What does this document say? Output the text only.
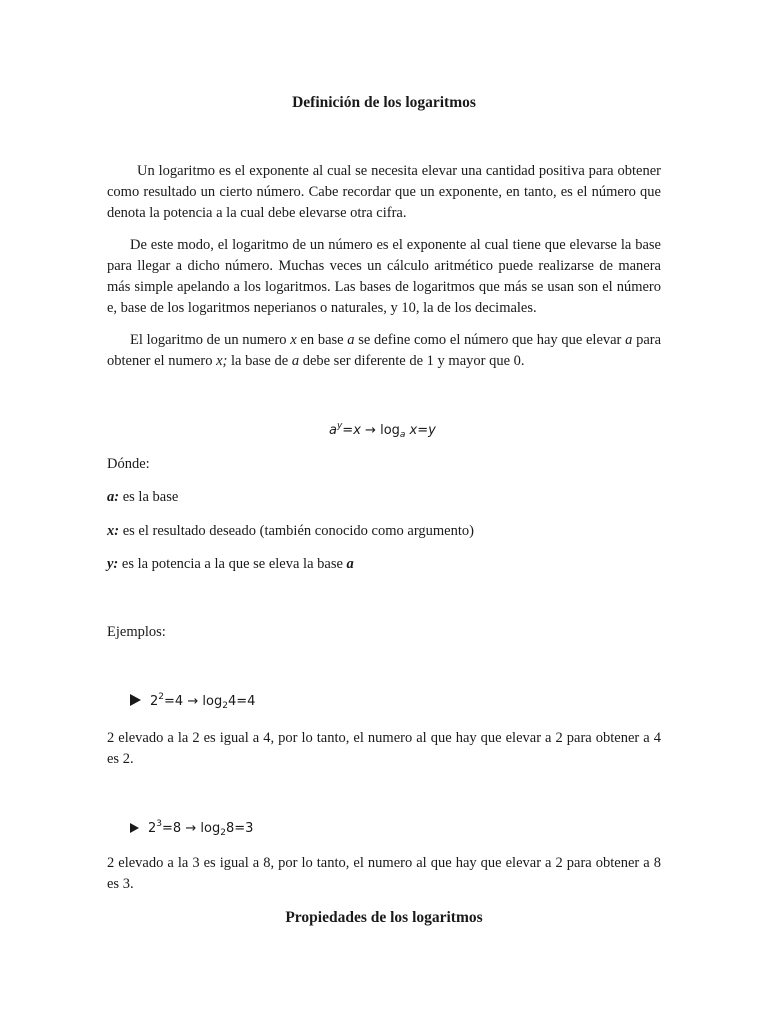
Definición de los logaritmos
Un logaritmo es el exponente al cual se necesita elevar una cantidad positiva para obtener como resultado un cierto número. Cabe recordar que un exponente, en tanto, es el número que denota la potencia a la cual debe elevarse otra cifra.
De este modo, el logaritmo de un número es el exponente al cual tiene que elevarse la base para llegar a dicho número. Muchas veces un cálculo aritmético puede realizarse de manera más simple apelando a los logaritmos. Las bases de logaritmos que más se usan son el número e, base de los logaritmos neperianos o naturales, y 10, la de los decimales.
El logaritmo de un numero x en base a se define como el número que hay que elevar a para obtener el numero x; la base de a debe ser diferente de 1 y mayor que 0.
$a^y=x \to \log_a x=y$
Dónde:
a: es la base
x: es el resultado deseado (también conocido como argumento)
y: es la potencia a la que se eleva la base a
Ejemplos:
$2^2=4 \to \log_24=4$
2 elevado a la 2 es igual a 4, por lo tanto, el numero al que hay que elevar a 2 para obtener a 4 es 2.
$2^3=8 \to \log_28=3$
2 elevado a la 3 es igual a 8, por lo tanto, el numero al que hay que elevar a 2 para obtener a 8 es 3.
Propiedades de los logaritmos
